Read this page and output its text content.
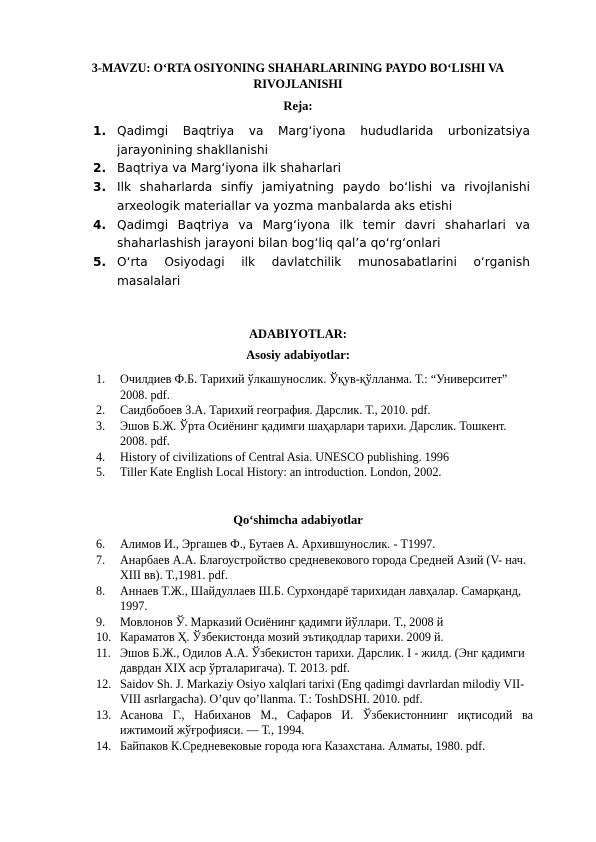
3-MAVZU: O‘RTA OSIYONING SHAHARLARINING PAYDO BO‘LISHI VA RIVOJLANISHI
Reja:
1. Qadimgi Baqtriya va Marg‘iyona hududlarida urbonizatsiya jarayonining shakllanishi
2. Baqtriya va Marg‘iyona ilk shaharlari
3. Ilk shaharlarda sinfiy jamiyatning paydo bo‘lishi va rivojlanishi arxeologik materiallar va yozma manbalarda aks etishi
4. Qadimgi Baqtriya va Marg‘iyona ilk temir davri shaharlari va shaharlashish jarayoni bilan bog‘liq qal’a qo‘rg‘onlari
5. O‘rta Osiyodagi ilk davlatchilik munosabatlarini o‘rganish masalalari
ADABIYOTLAR:
Asosiy adabiyotlar:
1.	Очилдиев Ф.Б. Тарихий ўлкашунослик. Ўқув-қўлланма. Т.: “Университет” 2008. pdf.
2.	Саидбобоев З.А. Тарихий география. Дарслик. Т., 2010. pdf.
3.	Эшов Б.Ж. Ўрта Осиёнинг қадимги шаҳарлари тарихи. Дарслик. Тошкент. 2008. pdf.
4.	History of civilizations of Central Asia. UNESCO publishing. 1996
5.	Tiller Kate English Local History: an introduction. London, 2002.
Qo‘shimcha adabiyotlar
6.	Алимов И., Эргашев Ф., Бутаев А. Архившунослик. - Т1997.
7.	Анарбаев А.А. Благоустройство средневекового города Средней Азий (V- нач. XIII вв). Т.,1981. pdf.
8.	Аннаев Т.Ж., Шайдуллаев Ш.Б. Сурхондарё тарихидан лавҳалар. Самарқанд, 1997.
9.	Мовлонов Ў. Марказий Осиёнинг қадимги йўллари. Т., 2008 й
10. Караматов Ҳ. Ўзбекистонда мозий эътиқодлар тарихи. 2009 й.
11. Эшов Б.Ж., Одилов А.А. Ўзбекистон тарихи. Дарслик. I - жилд. (Энг қадимги даврдан XIX аср ўрталаригача). Т. 2013. pdf.
12. Saidov Sh. J. Markaziy Osiyo xalqlari tarixi (Eng qadimgi davrlardan milodiy VII-VIII asrlargacha). O’quv qo’llanma. T.: ToshDSHI. 2010. pdf.
13. Асанова Г., Набиханов М., Сафаров И. Ўзбекистоннинг иқтисодий ва ижтимоий жўғрофияси. — Т., 1994.
14. Байпаков К.Средневековые города юга Казахстана. Алматы, 1980. pdf.
